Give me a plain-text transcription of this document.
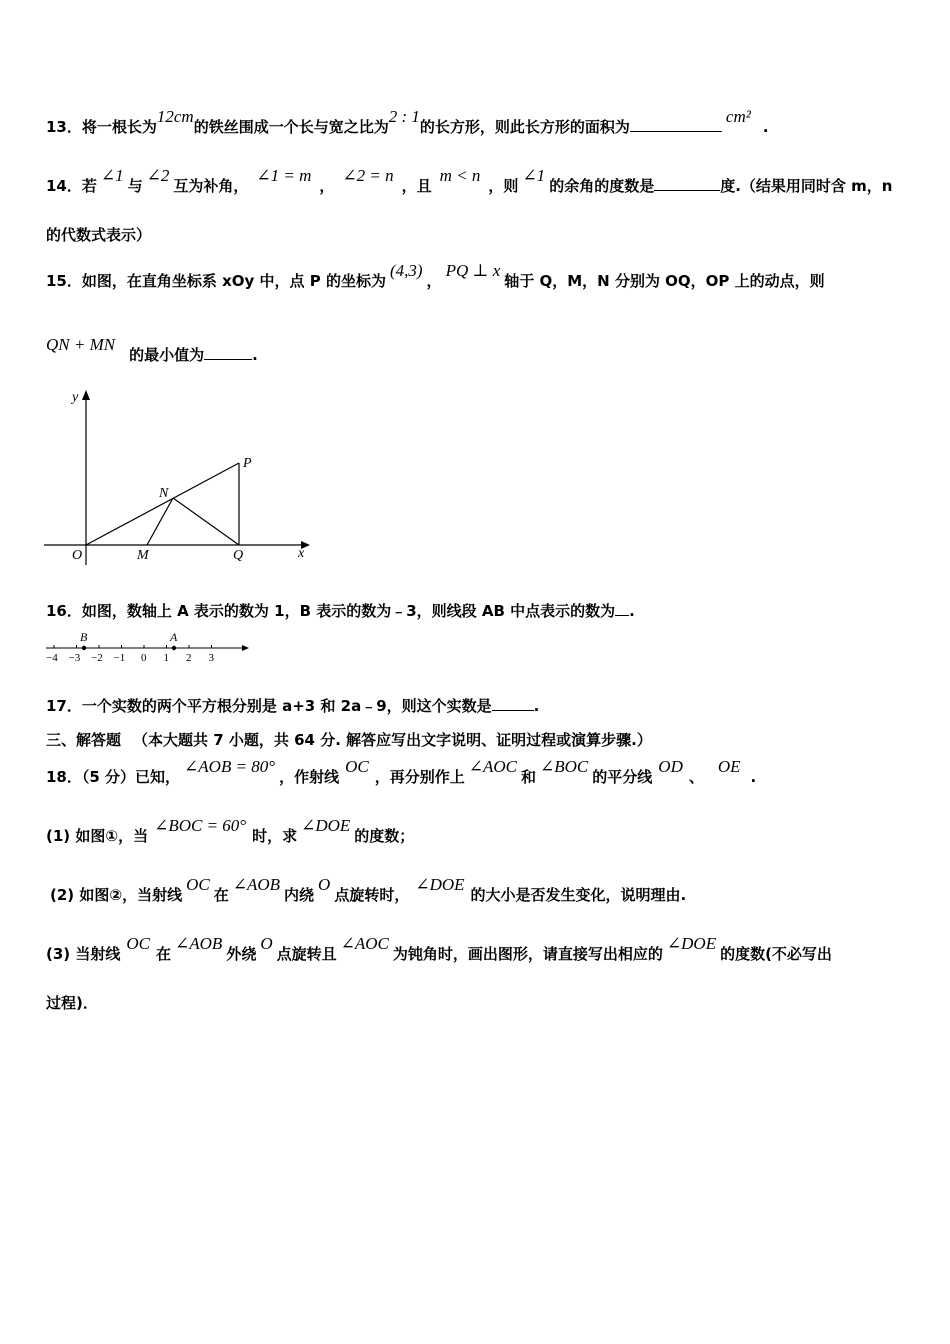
13．将一根长为12cm的铁丝围成一个长与宽之比为2 : 1的长方形，则此长方形的面积为cm².
14．若∠1与∠2互为补角，∠1 = m，∠2 = n，且m < n，则∠1的余角的度数是	度.（结果用同时含 m，n
的代数式表示）
15．如图，在直角坐标系 xOy 中，点 P 的坐标为(4,3)，PQ ⊥ x轴于 Q，M，N 分别为 OQ，OP 上的动点，则
QN + MN的最小值为	.
y
x
O	M	Q
N
P
16．如图，数轴上 A 表示的数为 1，B 表示的数为﹣3，则线段 AB 中点表示的数为 .
B	A
−4 −3 −2 −1 0 1 2 3
17．一个实数的两个平方根分别是 a+3 和 2a﹣9，则这个实数是	.
三、解答题 （本大题共 7 小题，共 64 分. 解答应写出文字说明、证明过程或演算步骤.）
18．（5 分）已知，∠AOB = 80°，作射线OC，再分别作上∠AOC和∠BOC的平分线OD、OE.
(1) 如图①，当∠BOC = 60°时，求∠DOE的度数；
(2) 如图②，当射线OC在∠AOB内绕O点旋转时，∠DOE的大小是否发生变化，说明理由.
(3) 当射线OC在∠AOB外绕O点旋转且∠AOC为钝角时，画出图形，请直接写出相应的∠DOE的度数(不必写出
过程)．
